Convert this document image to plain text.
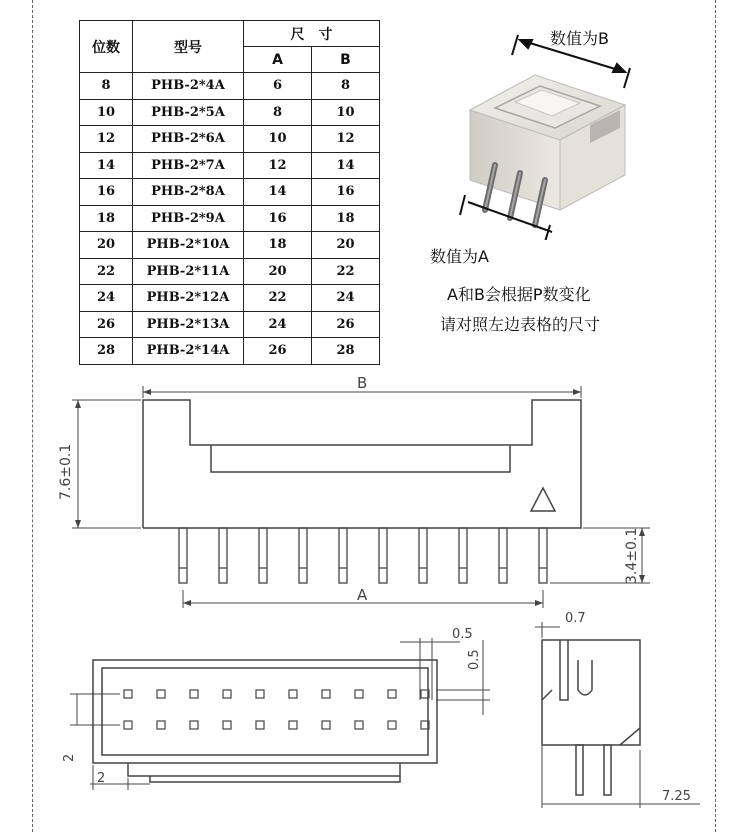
位数	型号	尺　寸	
		A	B
8	PHB-2*4A	6	8
10	PHB-2*5A	8	10
12	PHB-2*6A	10	12
14	PHB-2*7A	12	14
16	PHB-2*8A	14	16
18	PHB-2*9A	16	18
20	PHB-2*10A	18	20
22	PHB-2*11A	20	22
24	PHB-2*12A	22	24
26	PHB-2*13A	24	26
28	PHB-2*14A	26	28
数值为B
数值为A
A和B会根据P数变化
请对照左边表格的尺寸
B
7.6±0.1
3.4±0.1
A
0.5
0.5
2
2
0.7
7.25
